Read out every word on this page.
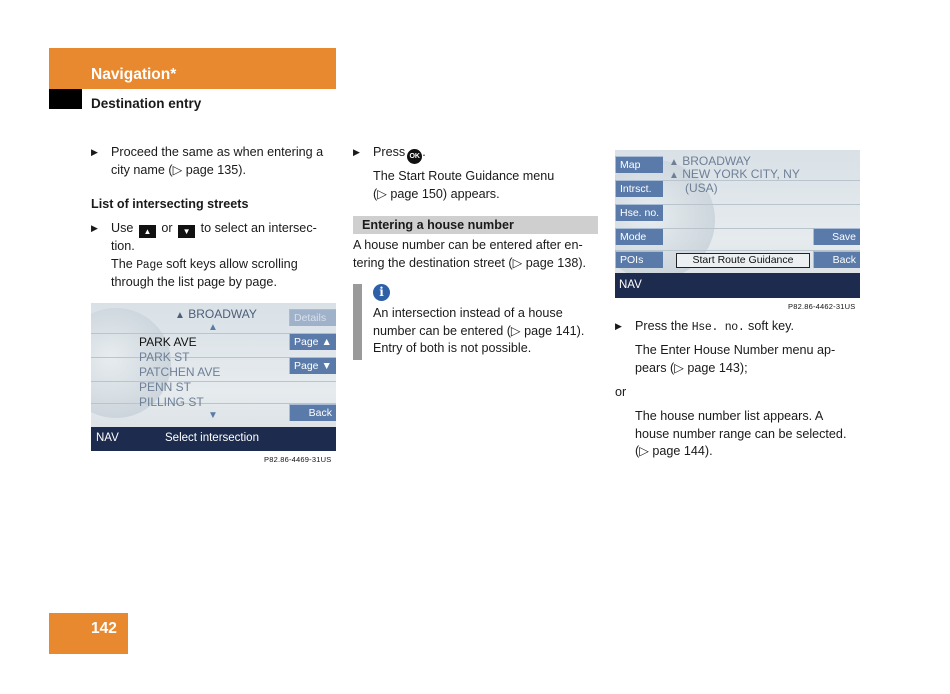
Navigation*
Destination entry
▶ Proceed the same as when entering a
city name (▷ page 135).
List of intersecting streets
▶ Use ▲ or ▼ to select an intersec-
tion.
The Page soft keys allow scrolling
through the list page by page.
▲ BROADWAY
▲
PARK AVE
PARK ST
PATCHEN AVE
PENN ST
PILLING ST
▼
Details
Page ▲
Page ▼
Back
NAV	Select intersection
P82.86-4469-31US
▶ Press OK .
The Start Route Guidance menu
(▷ page 150) appears.
Entering a house number
A house number can be entered after en-
tering the destination street (▷ page 138).
i
An intersection instead of a house
number can be entered (▷ page 141).
Entry of both is not possible.
Map
Intrsct.
Hse. no.
Mode
POIs
▲ BROADWAY
▲ NEW YORK CITY, NY
(USA)
Start Route Guidance
Save
Back
NAV
P82.86-4462-31US
▶ Press the Hse. no. soft key.
The Enter House Number menu ap-
pears (▷ page 143);
or
The house number list appears. A
house number range can be selected.
(▷ page 144).
142
